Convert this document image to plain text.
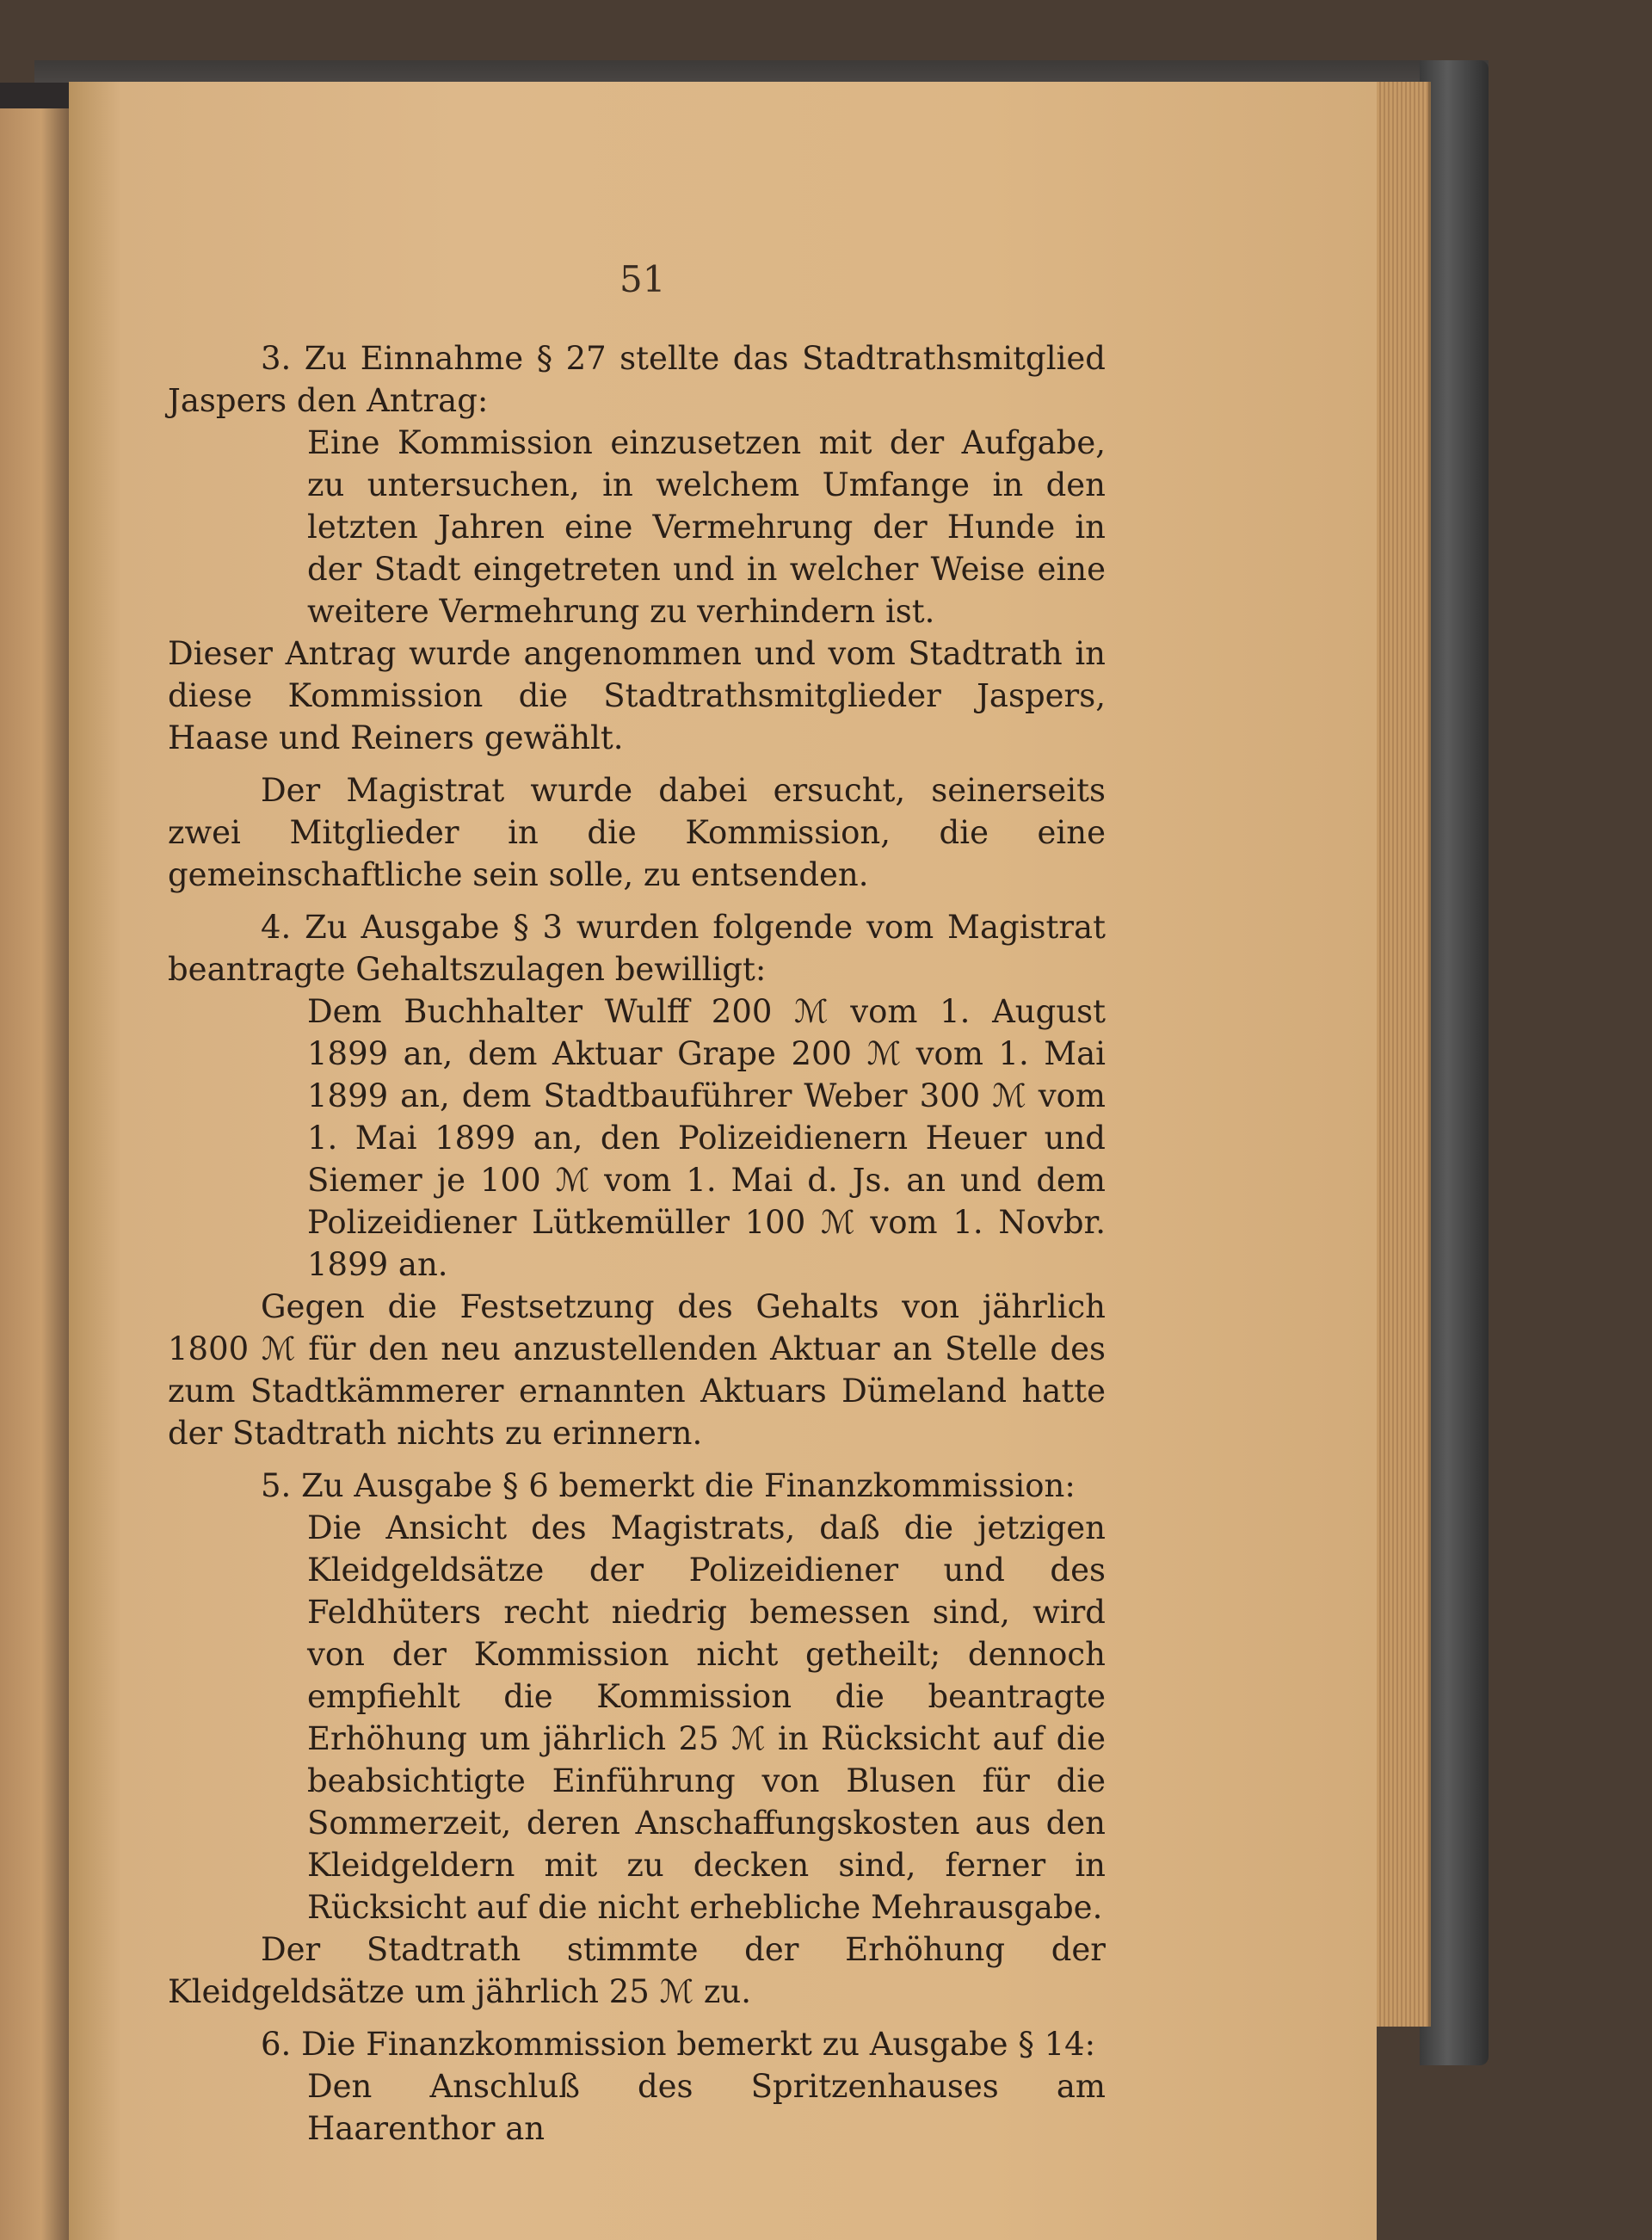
51

3. Zu Einnahme § 27 stellte das Stadtrathsmitglied Jaspers den Antrag:

Eine Kommission einzusetzen mit der Aufgabe, zu untersuchen, in welchem Umfange in den letzten Jahren eine Vermehrung der Hunde in der Stadt eingetreten und in welcher Weise eine weitere Vermehrung zu verhindern ist.

Dieser Antrag wurde angenommen und vom Stadtrath in diese Kommission die Stadtrathsmitglieder Jaspers, Haase und Reiners gewählt.

Der Magistrat wurde dabei ersucht, seinerseits zwei Mitglieder in die Kommission, die eine gemeinschaftliche sein solle, zu entsenden.

4. Zu Ausgabe § 3 wurden folgende vom Magistrat beantragte Gehaltszulagen bewilligt:

Dem Buchhalter Wulff 200 ℳ vom 1. August 1899 an, dem Aktuar Grape 200 ℳ vom 1. Mai 1899 an, dem Stadtbauführer Weber 300 ℳ vom 1. Mai 1899 an, den Polizeidienern Heuer und Siemer je 100 ℳ vom 1. Mai d. Js. an und dem Polizeidiener Lütkemüller 100 ℳ vom 1. Novbr. 1899 an.

Gegen die Festsetzung des Gehalts von jährlich 1800 ℳ für den neu anzustellenden Aktuar an Stelle des zum Stadtkämmerer ernannten Aktuars Dümeland hatte der Stadtrath nichts zu erinnern.

5. Zu Ausgabe § 6 bemerkt die Finanzkommission:

Die Ansicht des Magistrats, daß die jetzigen Kleidgeldsätze der Polizeidiener und des Feldhüters recht niedrig bemessen sind, wird von der Kommission nicht getheilt; dennoch empfiehlt die Kommission die beantragte Erhöhung um jährlich 25 ℳ in Rücksicht auf die beabsichtigte Einführung von Blusen für die Sommerzeit, deren Anschaffungskosten aus den Kleidgeldern mit zu decken sind, ferner in Rücksicht auf die nicht erhebliche Mehrausgabe.

Der Stadtrath stimmte der Erhöhung der Kleidgeldsätze um jährlich 25 ℳ zu.

6. Die Finanzkommission bemerkt zu Ausgabe § 14:

Den Anschluß des Spritzenhauses am Haarenthor an
